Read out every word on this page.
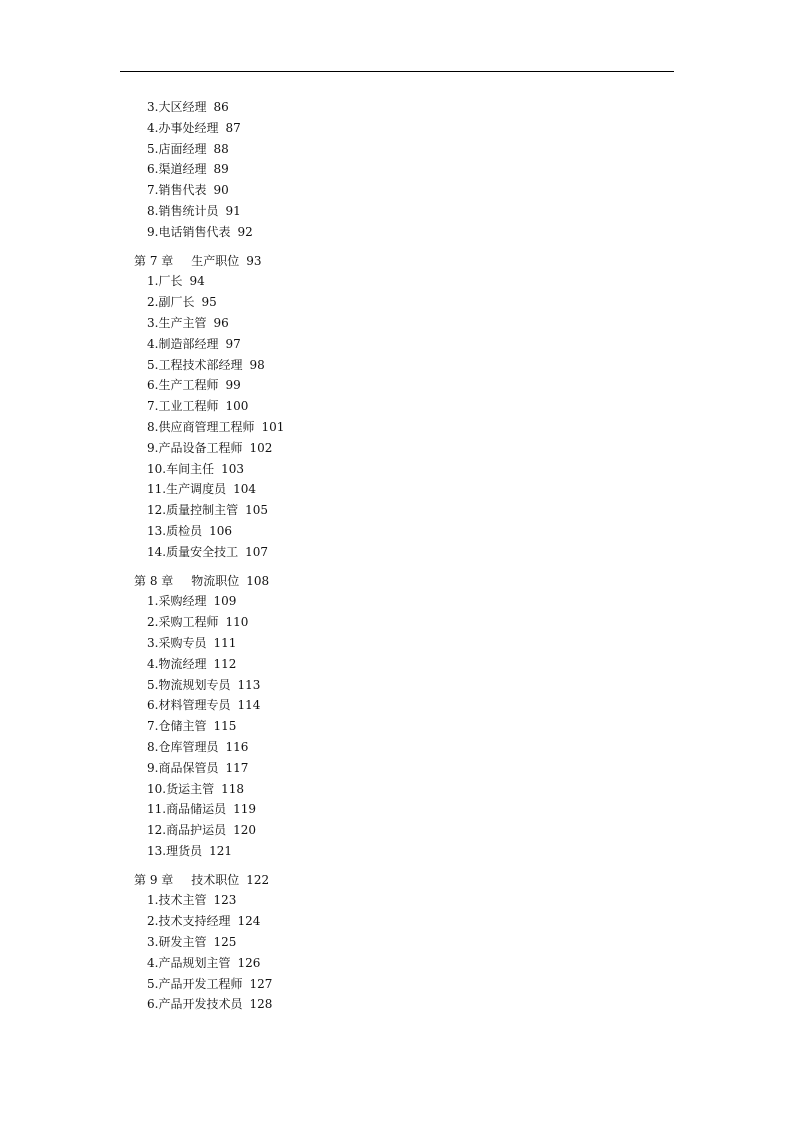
3.大区经理 86
4.办事处经理 87
5.店面经理 88
6.渠道经理 89
7.销售代表 90
8.销售统计员 91
9.电话销售代表 92
第 7 章 生产职位 93
1.厂长 94
2.副厂长 95
3.生产主管 96
4.制造部经理 97
5.工程技术部经理 98
6.生产工程师 99
7.工业工程师 100
8.供应商管理工程师 101
9.产品设备工程师 102
10.车间主任 103
11.生产调度员 104
12.质量控制主管 105
13.质检员 106
14.质量安全技工 107
第 8 章 物流职位 108
1.采购经理 109
2.采购工程师 110
3.采购专员 111
4.物流经理 112
5.物流规划专员 113
6.材料管理专员 114
7.仓储主管 115
8.仓库管理员 116
9.商品保管员 117
10.货运主管 118
11.商品储运员 119
12.商品护运员 120
13.理货员 121
第 9 章 技术职位 122
1.技术主管 123
2.技术支持经理 124
3.研发主管 125
4.产品规划主管 126
5.产品开发工程师 127
6.产品开发技术员 128
